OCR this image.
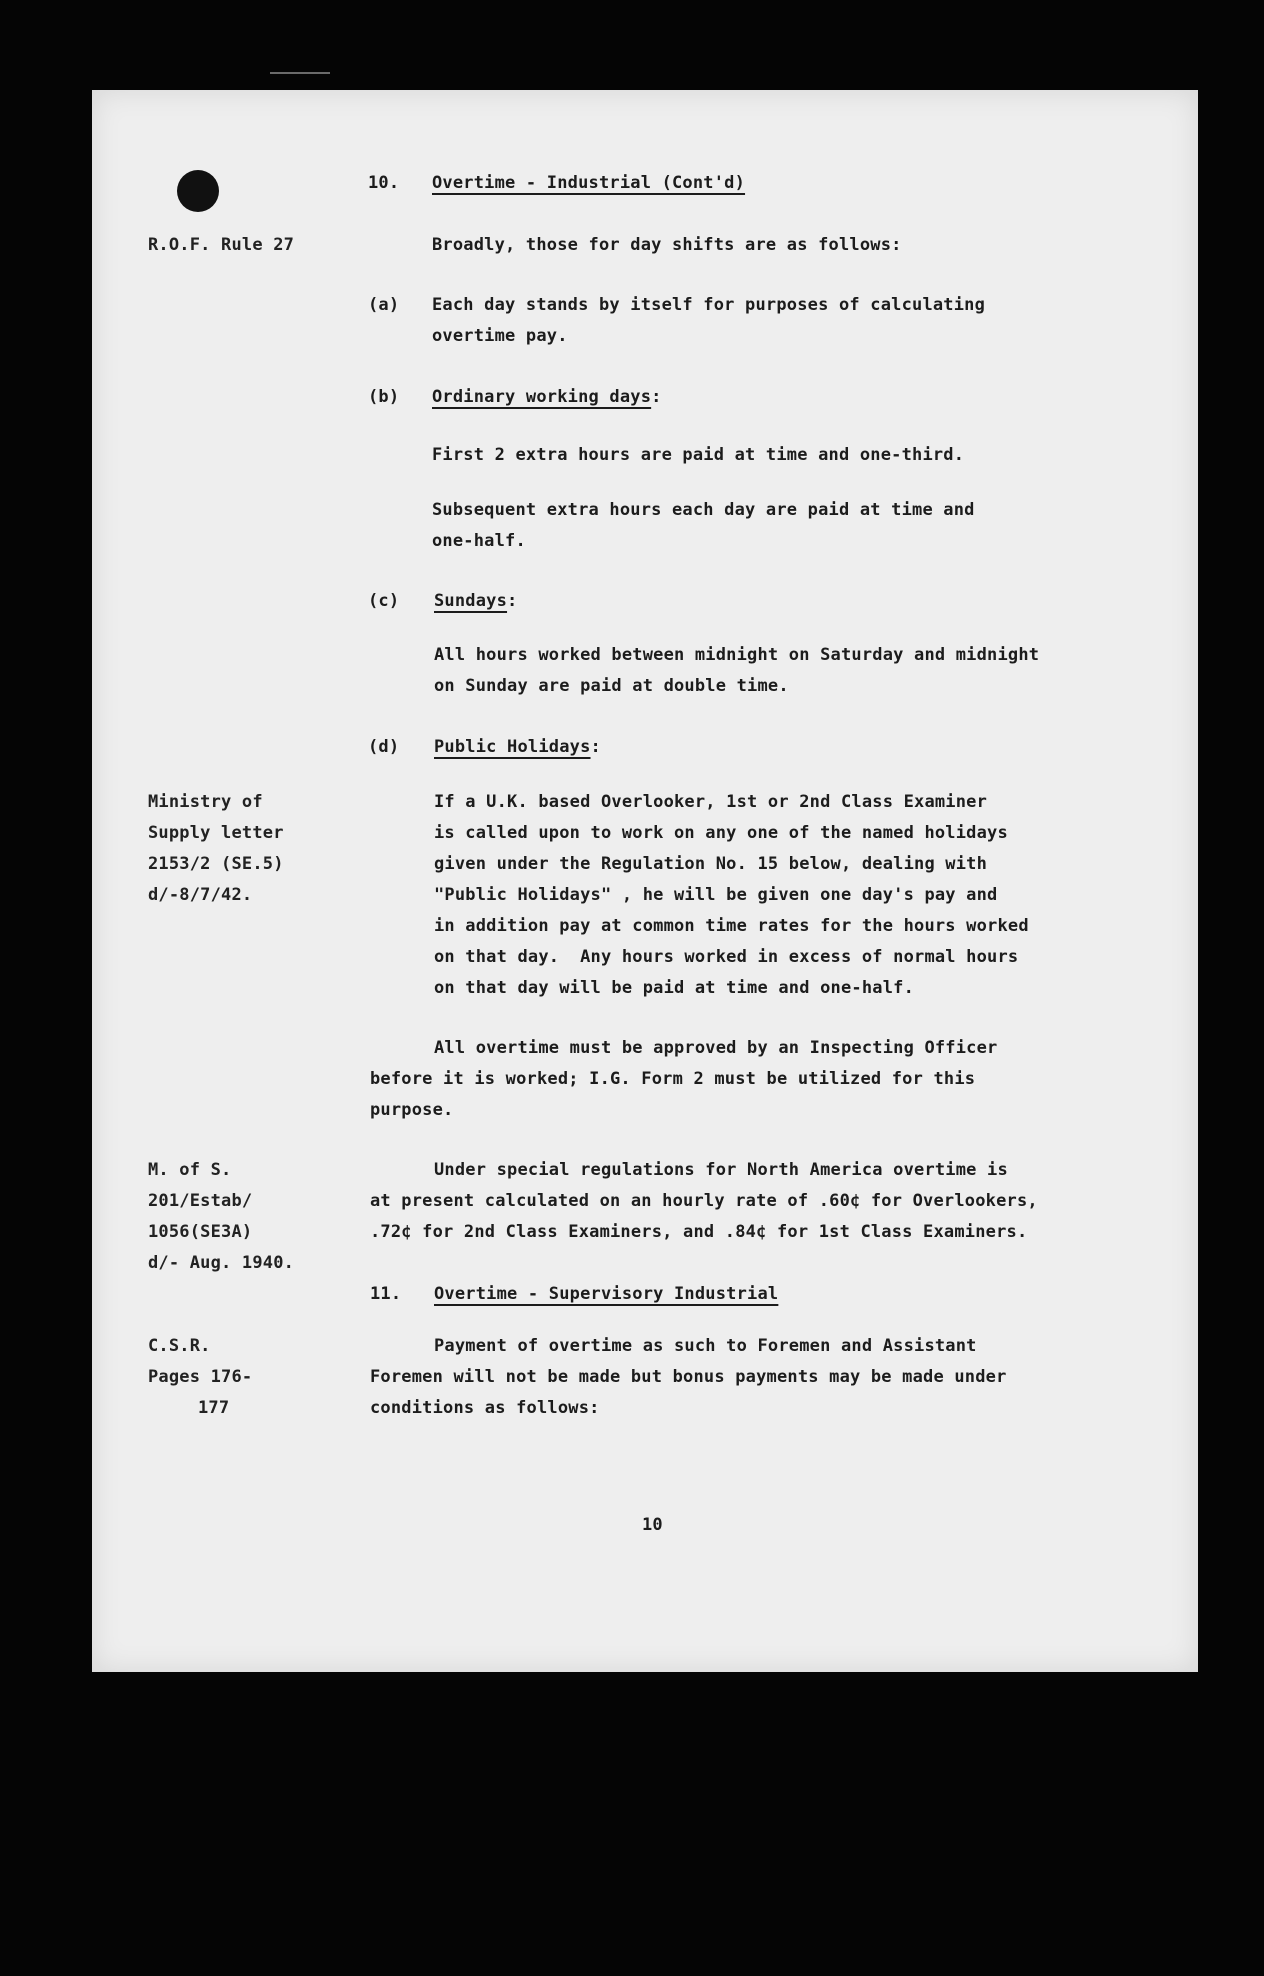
10. Overtime - Industrial (Cont'd)

R.O.F. Rule 27	Broadly, those for day shifts are as follows:

(a) Each day stands by itself for purposes of calculating

overtime pay.

(b) Ordinary working days:

First 2 extra hours are paid at time and one-third.

Subsequent extra hours each day are paid at time and

one-half.

(c) Sundays:

All hours worked between midnight on Saturday and midnight

on Sunday are paid at double time.

(d) Public Holidays:

Ministry of

Supply letter

2153/2 (SE.5)

d/-8/7/42.

If a U.K. based Overlooker, 1st or 2nd Class Examiner

is called upon to work on any one of the named holidays

given under the Regulation No. 15 below, dealing with

"Public Holidays" , he will be given one day's pay and

in addition pay at common time rates for the hours worked

on that day.  Any hours worked in excess of normal hours

on that day will be paid at time and one-half.

All overtime must be approved by an Inspecting Officer

before it is worked; I.G. Form 2 must be utilized for this

purpose.

M. of S.

201/Estab/

1056(SE3A)

d/- Aug. 1940.

Under special regulations for North America overtime is

at present calculated on an hourly rate of .60¢ for Overlookers,

.72¢ for 2nd Class Examiners, and .84¢ for 1st Class Examiners.

11. Overtime - Supervisory Industrial

C.S.R.

Pages 176-

177

Payment of overtime as such to Foremen and Assistant

Foremen will not be made but bonus payments may be made under

conditions as follows:

10
